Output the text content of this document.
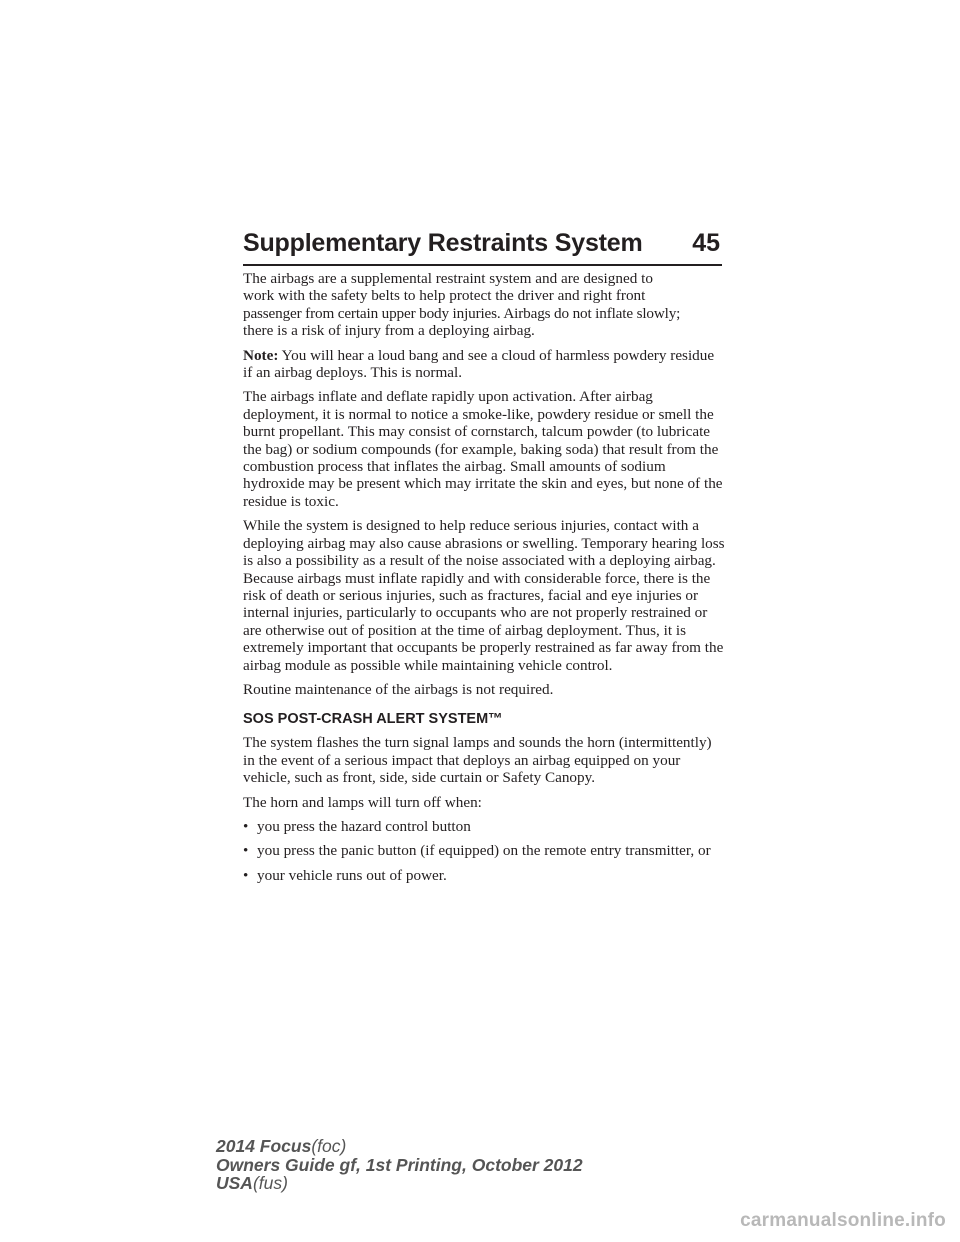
Supplementary Restraints System 45

The airbags are a supplemental restraint system and are designed to
work with the safety belts to help protect the driver and right front
passenger from certain upper body injuries. Airbags do not inflate slowly;
there is a risk of injury from a deploying airbag.

Note: You will hear a loud bang and see a cloud of harmless powdery residue if an airbag deploys. This is normal.

The airbags inflate and deflate rapidly upon activation. After airbag deployment, it is normal to notice a smoke-like, powdery residue or smell the burnt propellant. This may consist of cornstarch, talcum powder (to lubricate the bag) or sodium compounds (for example, baking soda) that result from the combustion process that inflates the airbag. Small amounts of sodium hydroxide may be present which may irritate the skin and eyes, but none of the residue is toxic.

While the system is designed to help reduce serious injuries, contact with a deploying airbag may also cause abrasions or swelling. Temporary hearing loss is also a possibility as a result of the noise associated with a deploying airbag. Because airbags must inflate rapidly and with considerable force, there is the risk of death or serious injuries, such as fractures, facial and eye injuries or internal injuries, particularly to occupants who are not properly restrained or are otherwise out of position at the time of airbag deployment. Thus, it is extremely important that occupants be properly restrained as far away from the airbag module as possible while maintaining vehicle control.

Routine maintenance of the airbags is not required.

SOS POST-CRASH ALERT SYSTEM™

The system flashes the turn signal lamps and sounds the horn (intermittently) in the event of a serious impact that deploys an airbag equipped on your vehicle, such as front, side, side curtain or Safety Canopy.

The horn and lamps will turn off when:

• you press the hazard control button
• you press the panic button (if equipped) on the remote entry transmitter, or
• your vehicle runs out of power.
2014 Focus(foc)
Owners Guide gf, 1st Printing, October 2012
USA(fus)
carmanualsonline.info
